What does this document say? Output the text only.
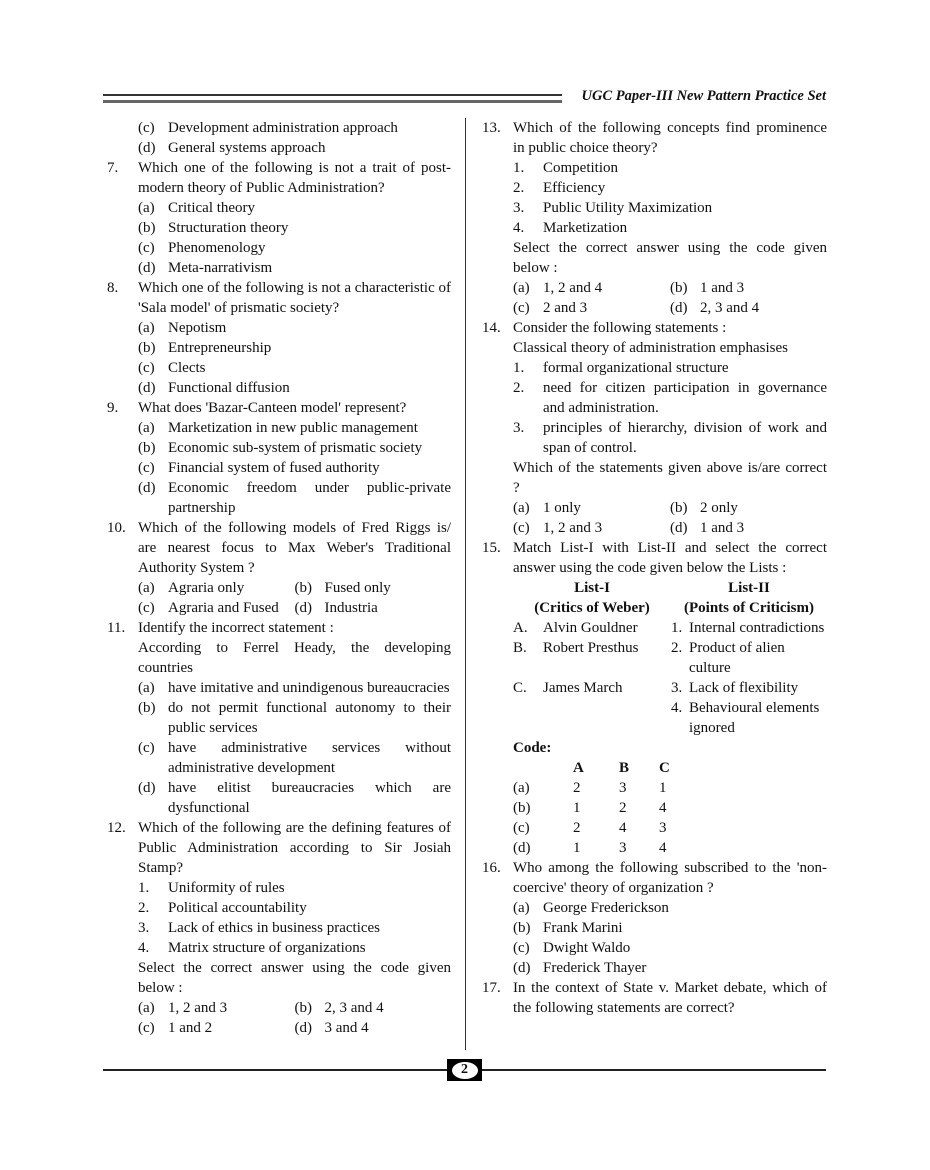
UGC Paper-III New Pattern Practice Set
(c) Development administration approach
(d) General systems approach
7. Which one of the following is not a trait of post-modern theory of Public Administration?
(a) Critical theory
(b) Structuration theory
(c) Phenomenology
(d) Meta-narrativism
8. Which one of the following is not a characteristic of 'Sala model' of prismatic society?
(a) Nepotism
(b) Entrepreneurship
(c) Clects
(d) Functional diffusion
9. What does 'Bazar-Canteen model' represent?
(a) Marketization in new public management
(b) Economic sub-system of prismatic society
(c) Financial system of fused authority
(d) Economic freedom under public-private partnership
10. Which of the following models of Fred Riggs is/ are nearest focus to Max Weber's Traditional Authority System ?
(a) Agraria only	(b) Fused only
(c) Agraria and Fused	(d) Industria
11. Identify the incorrect statement :
According to Ferrel Heady, the developing countries
(a) have imitative and unindigenous bureaucracies
(b) do not permit functional autonomy to their public services
(c) have administrative services without administrative development
(d) have elitist bureaucracies which are dysfunctional
12. Which of the following are the defining features of Public Administration according to Sir Josiah Stamp?
1. Uniformity of rules
2. Political accountability
3. Lack of ethics in business practices
4. Matrix structure of organizations
Select the correct answer using the code given below :
(a) 1, 2 and 3	(b) 2, 3 and 4
(c) 1 and 2	(d) 3 and 4
13. Which of the following concepts find prominence in public choice theory?
1. Competition
2. Efficiency
3. Public Utility Maximization
4. Marketization
Select the correct answer using the code given below :
(a) 1, 2 and 4	(b) 1 and 3
(c) 2 and 3	(d) 2, 3 and 4
14. Consider the following statements :
Classical theory of administration emphasises
1. formal organizational structure
2. need for citizen participation in governance and administration.
3. principles of hierarchy, division of work and span of control.
Which of the statements given above is/are correct ?
(a) 1 only	(b) 2 only
(c) 1, 2 and 3	(d) 1 and 3
15. Match List-I with List-II and select the correct answer using the code given below the Lists :
List-I	List-II
(Critics of Weber)	(Points of Criticism)
A. Alvin Gouldner	1. Internal contradictions
B. Robert Presthus	2. Product of alien culture
C. James March	3. Lack of flexibility
4. Behavioural elements ignored
Code:
A	B	C
(a)	2	3	1
(b)	1	2	4
(c)	2	4	3
(d)	1	3	4
16. Who among the following subscribed to the 'non-coercive' theory of organization ?
(a) George Frederickson
(b) Frank Marini
(c) Dwight Waldo
(d) Frederick Thayer
17. In the context of State v. Market debate, which of the following statements are correct?
2
